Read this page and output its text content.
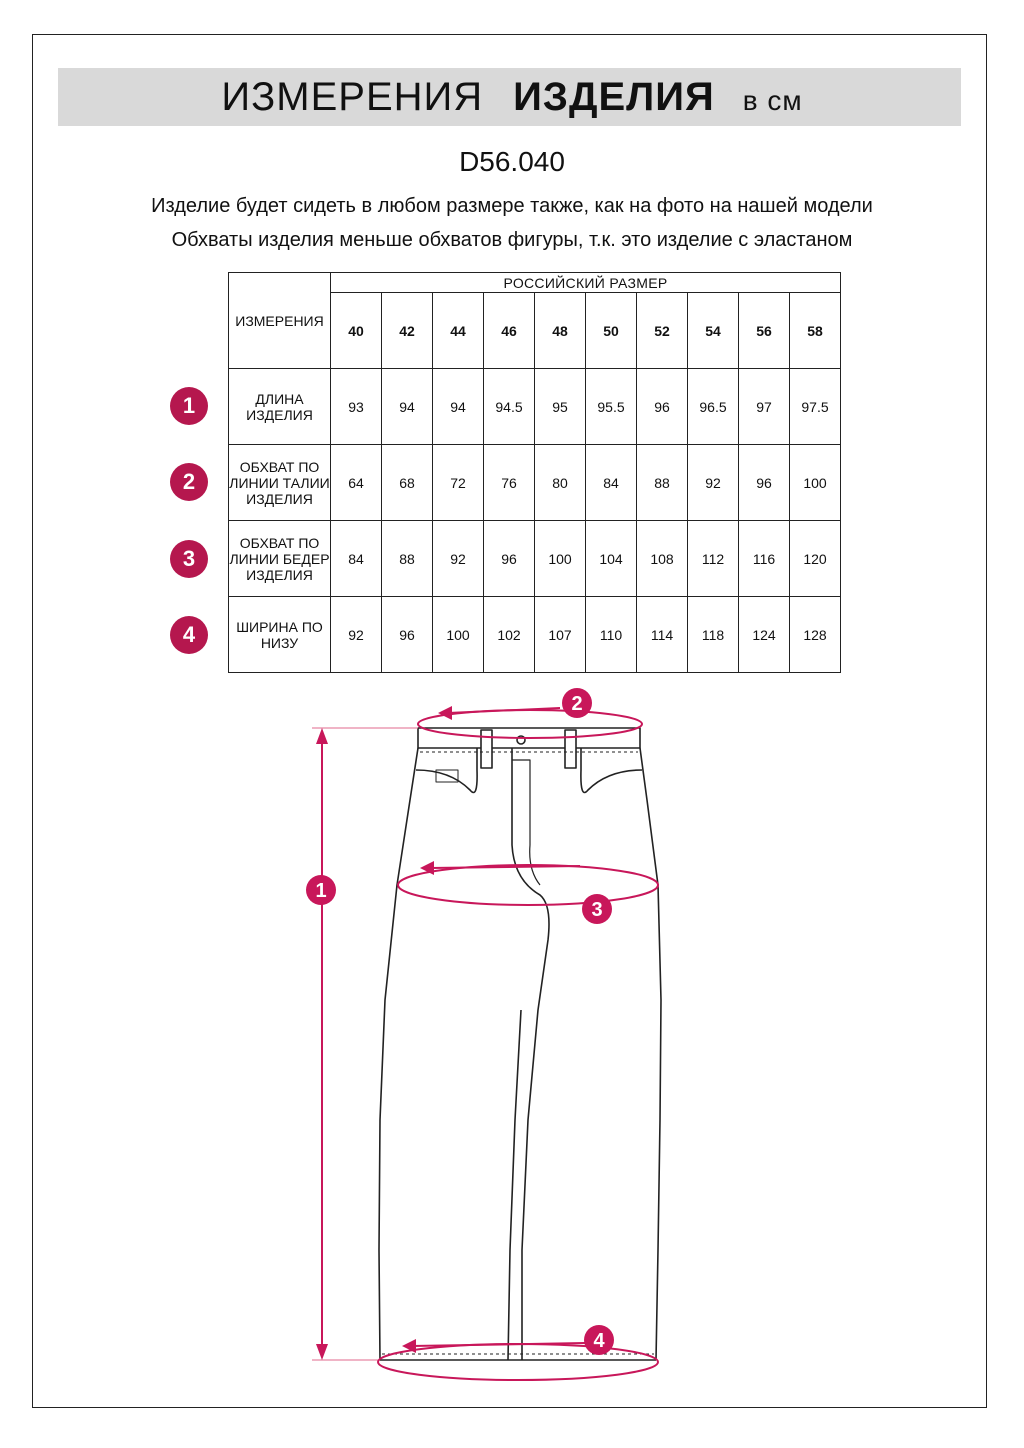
ИЗМЕРЕНИЯ ИЗДЕЛИЯ в см
D56.040
Изделие будет сидеть в любом размере также, как на фото на нашей модели
Обхваты изделия меньше обхватов фигуры, т.к. это изделие с эластаном
ИЗМЕРЕНИЯ	РОССИЙСКИЙ РАЗМЕР									
	40	42	44	46	48	50	52	54	56	58
ДЛИНА ИЗДЕЛИЯ	93	94	94	94.5	95	95.5	96	96.5	97	97.5
ОБХВАТ ПО ЛИНИИ ТАЛИИ ИЗДЕЛИЯ	64	68	72	76	80	84	88	92	96	100
ОБХВАТ ПО ЛИНИИ БЕДЕР ИЗДЕЛИЯ	84	88	92	96	100	104	108	112	116	120
ШИРИНА ПО НИЗУ	92	96	100	102	107	110	114	118	124	128
1
2
3
4
1
2
3
4
